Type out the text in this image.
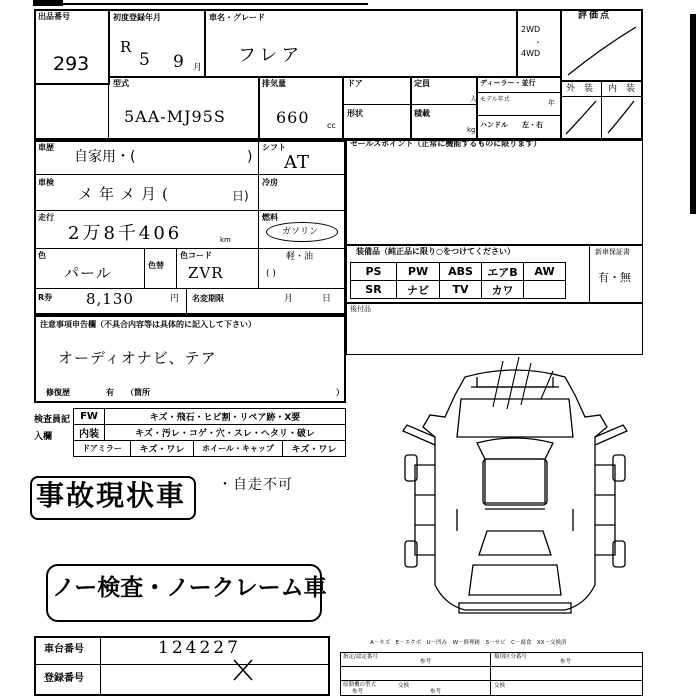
出品番号
293
初度登録年月
R
5 9 月
車名・グレード
フレア
2WD
・
4WD
評価点
型式
5AA-MJ95S
排気量
660 cc
ドア
形状
定員
人
積載
kg
ディーラー・並行
モデル年式	年
ハンドル 左・右
外 装 内 装
車歴
自家用・(	)
シフト
AT
車検
メ年メ月(	日)
冷房
走行
2万8千406	km
燃料
ガソリン
色
パール	色替
色コード
ZVR
軽・油
( )
R券 8,130	円 名変期限	月	日
セールスポイント（正常に機能するものに限ります）
装備品（純正品に限り○をつけてください）	新車保証書
有・無
PS	PW	ABS	エアB	AW
SR	ナビ	TV	カワ
後付品
注意事項申告欄（不具合内容等は具体的に記入して下さい）
オーディオナビ、テア
修復歴	有 （箇所	）
検査員記入欄
FW	キズ・飛石・ヒビ割・リペア跡・X要
内装	キズ・汚レ・コゲ・穴・スレ・ヘタリ・破レ
ドアミラー	キズ・ワレ	ホイール・キャップ	キズ・ワレ
事故現状車 ・自走不可
ノー検査・ノークレーム車
車台番号	124227
登録番号
A－キズ　E－エクボ　U－凹み　W－修理跡　S－サビ　C－腐食　XX－交換済
指定/認定番号
参考
類別区分番号
参考
原動機の型式
参考
交換
参考
交換
